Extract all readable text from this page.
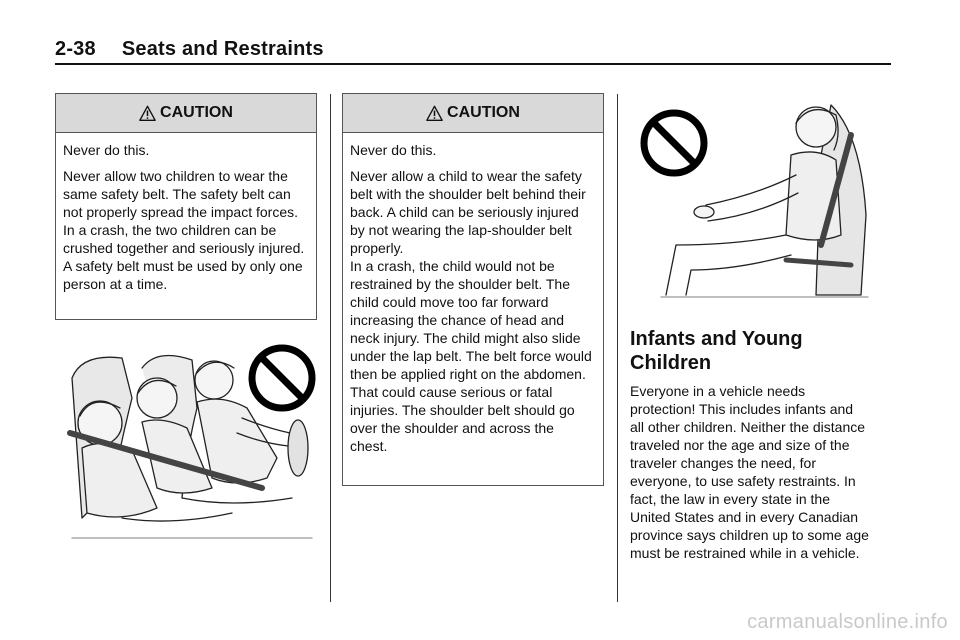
2-38 Seats and Restraints
CAUTION

Never do this.

Never allow two children to wear the same safety belt. The safety belt can not properly spread the impact forces. In a crash, the two children can be crushed together and seriously injured. A safety belt must be used by only one person at a time.

CAUTION

Never do this.

Never allow a child to wear the safety belt with the shoulder belt behind their back. A child can be seriously injured by not wearing the lap-shoulder belt properly.

In a crash, the child would not be restrained by the shoulder belt. The child could move too far forward increasing the chance of head and neck injury. The child might also slide under the lap belt. The belt force would then be applied right on the abdomen. That could cause serious or fatal injuries. The shoulder belt should go over the shoulder and across the chest.

Infants and Young Children
Everyone in a vehicle needs protection! This includes infants and all other children. Neither the distance traveled nor the age and size of the traveler changes the need, for everyone, to use safety restraints. In fact, the law in every state in the United States and in every Canadian province says children up to some age must be restrained while in a vehicle.
carmanualsonline.info
